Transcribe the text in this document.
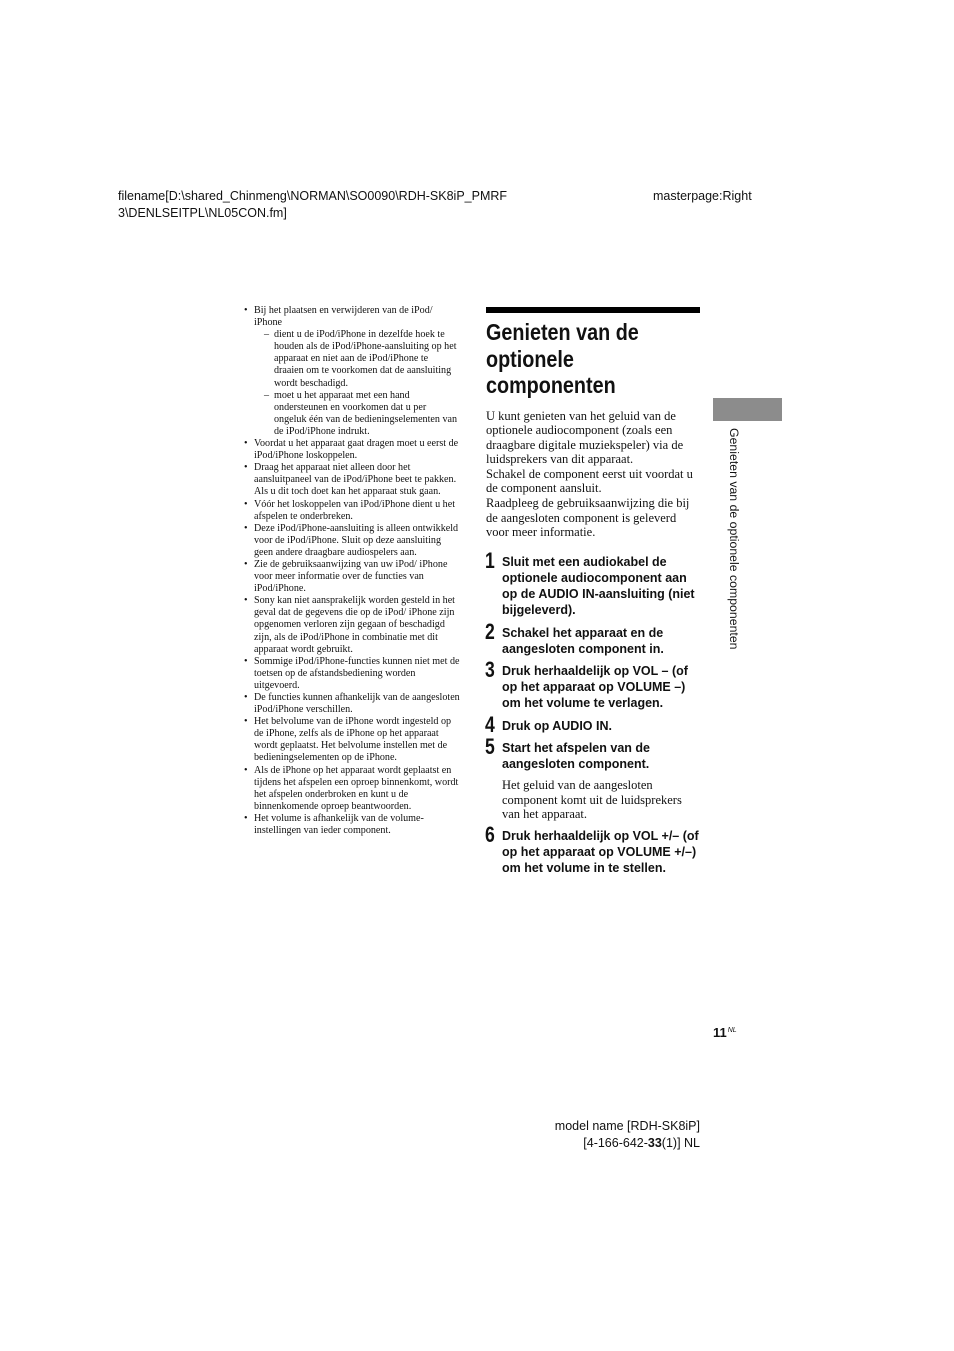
filename[D:\shared_Chinmeng\NORMAN\SO0090\RDH-SK8iP_PMRF
3\DENLSEITPL\NL05CON.fm]
masterpage:Right
• Bij het plaatsen en verwijderen van de iPod/ iPhone
– dient u de iPod/iPhone in dezelfde hoek te houden als de iPod/iPhone-aansluiting op het apparaat en niet aan de iPod/iPhone te draaien om te voorkomen dat de aansluiting wordt beschadigd.
– moet u het apparaat met een hand ondersteunen en voorkomen dat u per ongeluk één van de bedieningselementen van de iPod/iPhone indrukt.
• Voordat u het apparaat gaat dragen moet u eerst de iPod/iPhone loskoppelen.
• Draag het apparaat niet alleen door het aansluitpaneel van de iPod/iPhone beet te pakken. Als u dit toch doet kan het apparaat stuk gaan.
• Vóór het loskoppelen van iPod/iPhone dient u het afspelen te onderbreken.
• Deze iPod/iPhone-aansluiting is alleen ontwikkeld voor de iPod/iPhone. Sluit op deze aansluiting geen andere draagbare audiospelers aan.
• Zie de gebruiksaanwijzing van uw iPod/ iPhone voor meer informatie over de functies van iPod/iPhone.
• Sony kan niet aansprakelijk worden gesteld in het geval dat de gegevens die op de iPod/ iPhone zijn opgenomen verloren zijn gegaan of beschadigd zijn, als de iPod/iPhone in combinatie met dit apparaat wordt gebruikt.
• Sommige iPod/iPhone-functies kunnen niet met de toetsen op de afstandsbediening worden uitgevoerd.
• De functies kunnen afhankelijk van de aangesloten iPod/iPhone verschillen.
• Het belvolume van de iPhone wordt ingesteld op de iPhone, zelfs als de iPhone op het apparaat wordt geplaatst. Het belvolume instellen met de bedieningselementen op de iPhone.
• Als de iPhone op het apparaat wordt geplaatst en tijdens het afspelen een oproep binnenkomt, wordt het afspelen onderbroken en kunt u de binnenkomende oproep beantwoorden.
• Het volume is afhankelijk van de volume-instellingen van ieder component.
Genieten van de optionele componenten

U kunt genieten van het geluid van de optionele audiocomponent (zoals een draagbare digitale muziekspeler) via de luidsprekers van dit apparaat.

Schakel de component eerst uit voordat u de component aansluit.

Raadpleeg de gebruiksaanwijzing die bij de aangesloten component is geleverd voor meer informatie.

1 Sluit met een audiokabel de optionele audiocomponent aan op de AUDIO IN-aansluiting (niet bijgeleverd).

2 Schakel het apparaat en de aangesloten component in.

3 Druk herhaaldelijk op VOL – (of op het apparaat op VOLUME –) om het volume te verlagen.

4 Druk op AUDIO IN.

5 Start het afspelen van de aangesloten component.

Het geluid van de aangesloten component komt uit de luidsprekers van het apparaat.

6 Druk herhaaldelijk op VOL +/– (of op het apparaat op VOLUME +/–) om het volume in te stellen.

Genieten van de optionele componenten
$11^{NL}$
model name [RDH-SK8iP]
[4-166-642-33(1)] NL
